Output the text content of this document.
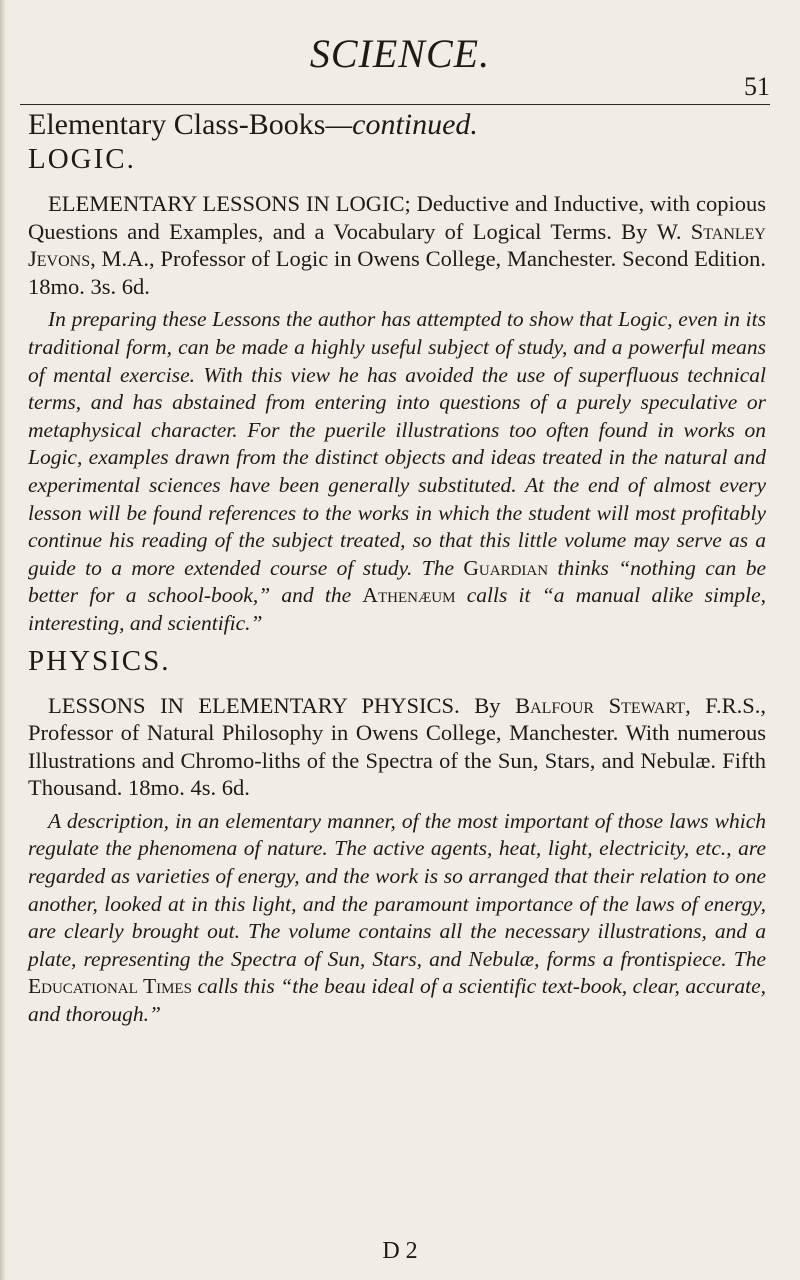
SCIENCE.
51

Elementary Class-Books—continued.

LOGIC.

ELEMENTARY LESSONS IN LOGIC; Deductive and Inductive, with copious Questions and Examples, and a Vocabulary of Logical Terms. By W. Stanley Jevons, M.A., Professor of Logic in Owens College, Manchester. Second Edition. 18mo. 3s. 6d.

In preparing these Lessons the author has attempted to show that Logic, even in its traditional form, can be made a highly useful subject of study, and a powerful means of mental exercise. With this view he has avoided the use of superfluous technical terms, and has abstained from entering into questions of a purely speculative or metaphysical character. For the puerile illustrations too often found in works on Logic, examples drawn from the distinct objects and ideas treated in the natural and experimental sciences have been generally substituted. At the end of almost every lesson will be found references to the works in which the student will most profitably continue his reading of the subject treated, so that this little volume may serve as a guide to a more extended course of study. The Guardian thinks “nothing can be better for a school-book,” and the Athenæum calls it “a manual alike simple, interesting, and scientific.”

PHYSICS.

LESSONS IN ELEMENTARY PHYSICS. By Balfour Stewart, F.R.S., Professor of Natural Philosophy in Owens College, Manchester. With numerous Illustrations and Chromo-liths of the Spectra of the Sun, Stars, and Nebulæ. Fifth Thousand. 18mo. 4s. 6d.

A description, in an elementary manner, of the most important of those laws which regulate the phenomena of nature. The active agents, heat, light, electricity, etc., are regarded as varieties of energy, and the work is so arranged that their relation to one another, looked at in this light, and the paramount importance of the laws of energy, are clearly brought out. The volume contains all the necessary illustrations, and a plate, representing the Spectra of Sun, Stars, and Nebulæ, forms a frontispiece. The Educational Times calls this “the beau ideal of a scientific text-book, clear, accurate, and thorough.”

D 2
